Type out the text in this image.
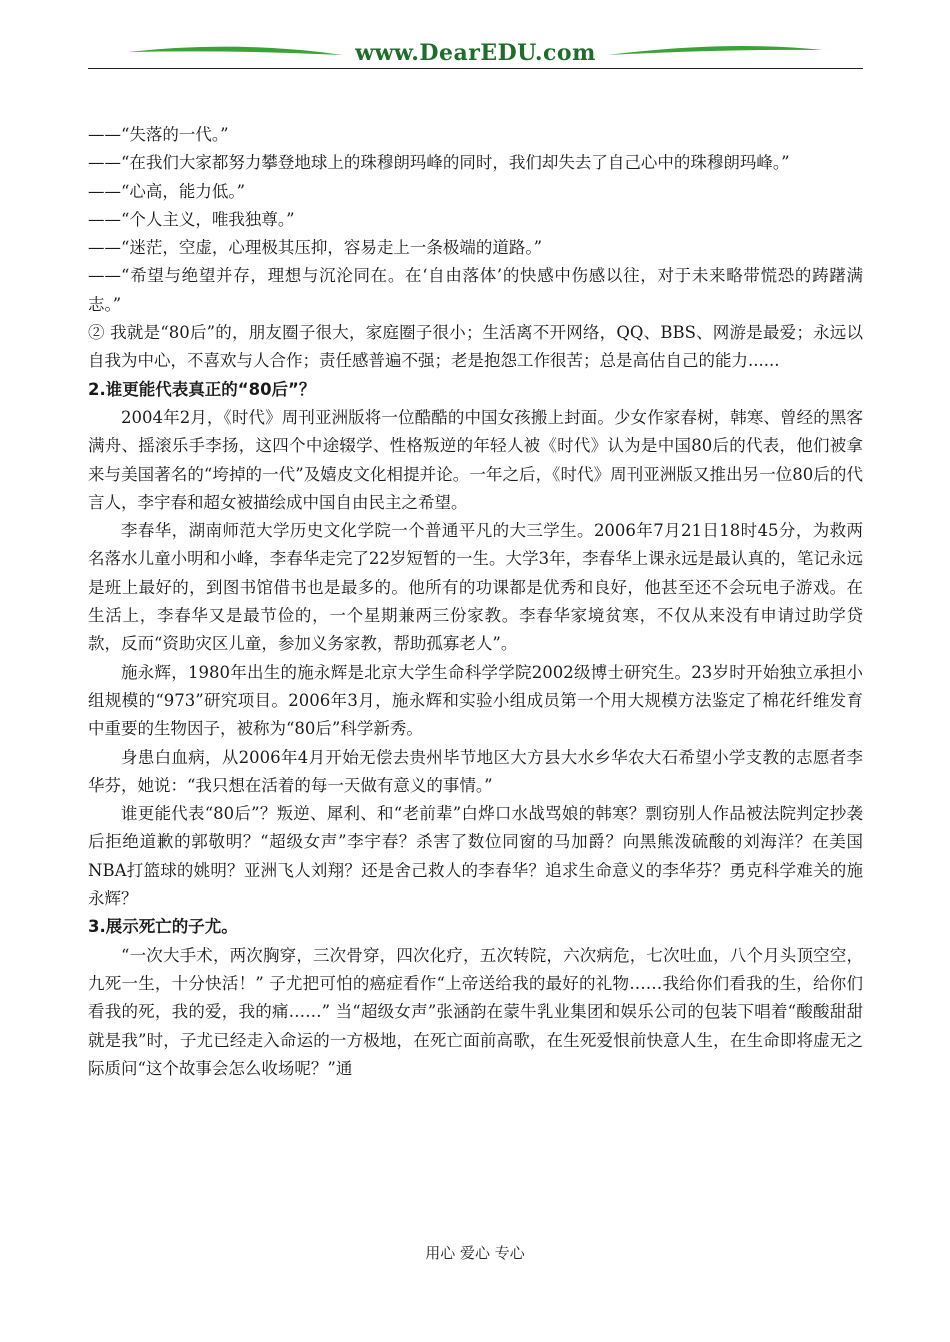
www.DearEDU.com

——“失落的一代。”

——“在我们大家都努力攀登地球上的珠穆朗玛峰的同时，我们却失去了自己心中的珠穆朗玛峰。”

——“心高，能力低。”

——“个人主义，唯我独尊。”

——“迷茫，空虚，心理极其压抑，容易走上一条极端的道路。”

——“希望与绝望并存，理想与沉沦同在。在‘自由落体’的快感中伤感以往，对于未来略带慌恐的踌躇满志。”

② 我就是“80后”的，朋友圈子很大，家庭圈子很小；生活离不开网络，QQ、BBS、网游是最爱；永远以自我为中心，不喜欢与人合作；责任感普遍不强；老是抱怨工作很苦；总是高估自己的能力......

2.谁更能代表真正的“80后”？

2004年2月，《时代》周刊亚洲版将一位酷酷的中国女孩搬上封面。少女作家春树，韩寒、曾经的黑客满舟、摇滚乐手李扬，这四个中途辍学、性格叛逆的年轻人被《时代》认为是中国80后的代表，他们被拿来与美国著名的“垮掉的一代”及嬉皮文化相提并论。一年之后，《时代》周刊亚洲版又推出另一位80后的代言人，李宇春和超女被描绘成中国自由民主之希望。

李春华，湖南师范大学历史文化学院一个普通平凡的大三学生。2006年7月21日18时45分，为救两名落水儿童小明和小峰，李春华走完了22岁短暂的一生。大学3年，李春华上课永远是最认真的，笔记永远是班上最好的，到图书馆借书也是最多的。他所有的功课都是优秀和良好，他甚至还不会玩电子游戏。在生活上，李春华又是最节俭的，一个星期兼两三份家教。李春华家境贫寒，不仅从来没有申请过助学贷款，反而“资助灾区儿童，参加义务家教，帮助孤寡老人”。

施永辉，1980年出生的施永辉是北京大学生命科学学院2002级博士研究生。23岁时开始独立承担小组规模的“973”研究项目。2006年3月，施永辉和实验小组成员第一个用大规模方法鉴定了棉花纤维发育中重要的生物因子，被称为“80后”科学新秀。

身患白血病，从2006年4月开始无偿去贵州毕节地区大方县大水乡华农大石希望小学支教的志愿者李华芬，她说：“我只想在活着的每一天做有意义的事情。”

谁更能代表“80后”？叛逆、犀利、和“老前辈”白烨口水战骂娘的韩寒？剽窃别人作品被法院判定抄袭后拒绝道歉的郭敬明？“超级女声”李宇春？杀害了数位同窗的马加爵？向黑熊泼硫酸的刘海洋？在美国NBA打篮球的姚明？亚洲飞人刘翔？还是舍己救人的李春华？追求生命意义的李华芬？勇克科学难关的施永辉？

3.展示死亡的子尤。

“一次大手术，两次胸穿，三次骨穿，四次化疗，五次转院，六次病危，七次吐血，八个月头顶空空，九死一生，十分快活！” 子尤把可怕的癌症看作“上帝送给我的最好的礼物……我给你们看我的生，给你们看我的死，我的爱，我的痛……” 当“超级女声”张涵韵在蒙牛乳业集团和娱乐公司的包装下唱着“酸酸甜甜就是我”时，子尤已经走入命运的一方极地，在死亡面前高歌，在生死爱恨前快意人生，在生命即将虚无之际质问“这个故事会怎么收场呢？”通

用心 爱心 专心
